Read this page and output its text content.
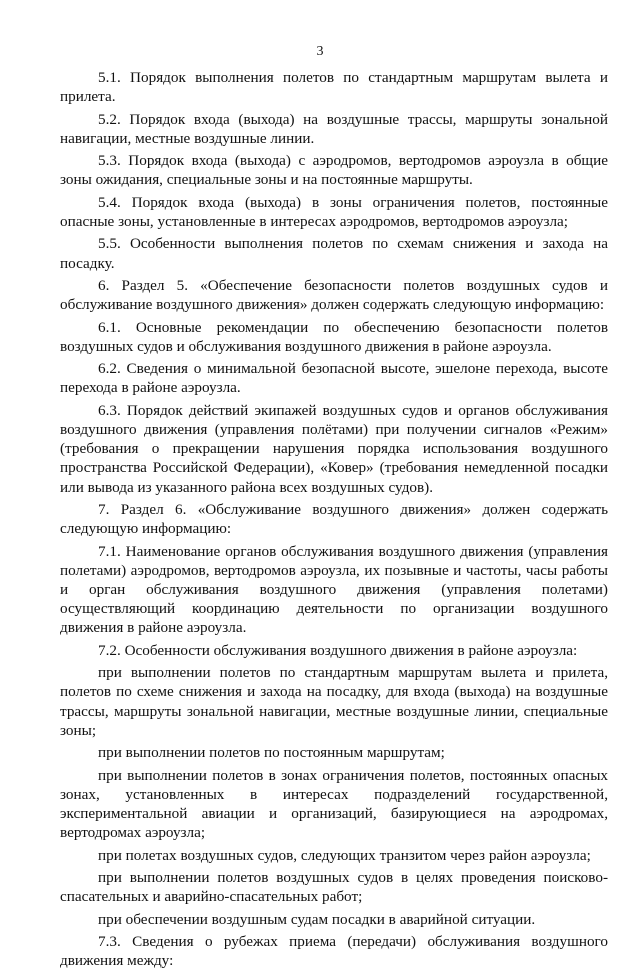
3

5.1. Порядок выполнения полетов по стандартным маршрутам вылета и прилета.

5.2. Порядок входа (выхода) на воздушные трассы, маршруты зональной навигации, местные воздушные линии.

5.3. Порядок входа (выхода) с аэродромов, вертодромов аэроузла в общие зоны ожидания, специальные зоны и на постоянные маршруты.

5.4. Порядок входа (выхода) в зоны ограничения полетов, постоянные опасные зоны, установленные в интересах аэродромов, вертодромов аэроузла;

5.5. Особенности выполнения полетов по схемам снижения и захода на посадку.

6. Раздел 5. «Обеспечение безопасности полетов воздушных судов и обслуживание воздушного движения» должен содержать следующую информацию:

6.1. Основные рекомендации по обеспечению безопасности полетов воздушных судов и обслуживания воздушного движения в районе аэроузла.

6.2. Сведения о минимальной безопасной высоте, эшелоне перехода, высоте перехода в районе аэроузла.

6.3. Порядок действий экипажей воздушных судов и органов обслуживания воздушного движения (управления полётами) при получении сигналов «Режим» (требования о прекращении нарушения порядка использования воздушного пространства Российской Федерации), «Ковер» (требования немедленной посадки или вывода из указанного района всех воздушных судов).

7. Раздел 6. «Обслуживание воздушного движения» должен содержать следующую информацию:

7.1. Наименование органов обслуживания воздушного движения (управления полетами) аэродромов, вертодромов аэроузла, их позывные и частоты, часы работы и орган обслуживания воздушного движения (управления полетами) осуществляющий координацию деятельности по организации воздушного движения в районе аэроузла.

7.2. Особенности обслуживания воздушного движения в районе аэроузла:

при выполнении полетов по стандартным маршрутам вылета и прилета, полетов по схеме снижения и захода на посадку, для входа (выхода) на воздушные трассы, маршруты зональной навигации, местные воздушные линии, специальные зоны;

при выполнении полетов по постоянным маршрутам;

при выполнении полетов в зонах ограничения полетов, постоянных опасных зонах, установленных в интересах подразделений государственной, экспериментальной авиации и организаций, базирующиеся на аэродромах, вертодромах аэроузла;

при полетах воздушных судов, следующих транзитом через район аэроузла;

при выполнении полетов воздушных судов в целях проведения поисково-спасательных и аварийно-спасательных работ;

при обеспечении воздушным судам посадки в аварийной ситуации.

7.3. Сведения о рубежах приема (передачи) обслуживания воздушного движения между:
